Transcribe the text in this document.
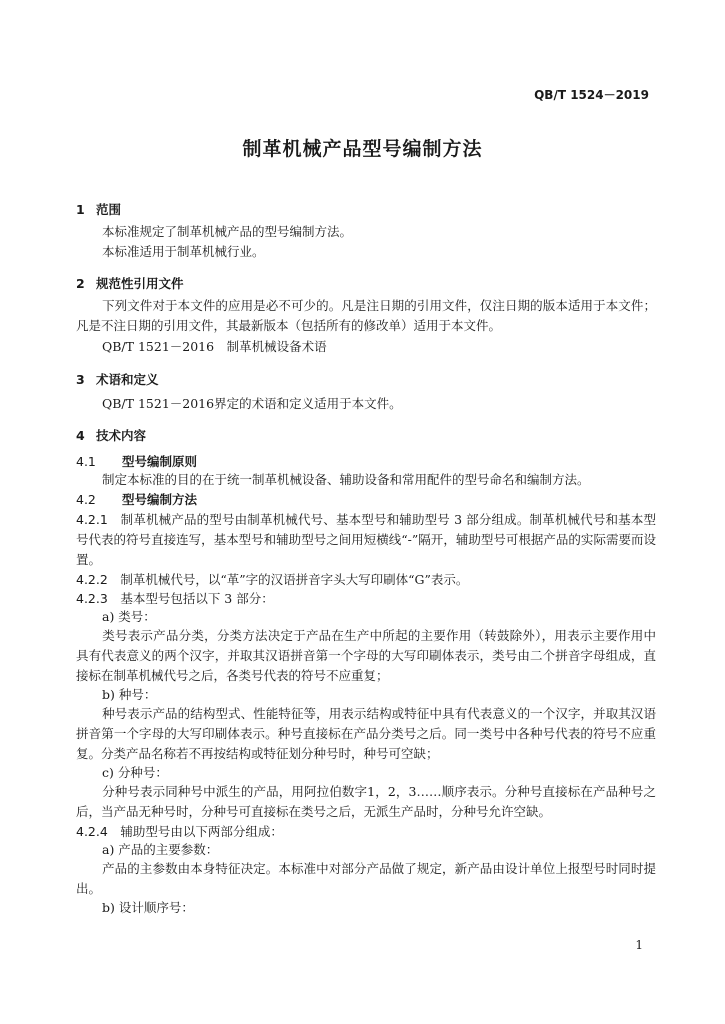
QB/T 1524－2019
制革机械产品型号编制方法
1 范围
本标准规定了制革机械产品的型号编制方法。
本标准适用于制革机械行业。
2 规范性引用文件
下列文件对于本文件的应用是必不可少的。凡是注日期的引用文件，仅注日期的版本适用于本文件；凡是不注日期的引用文件，其最新版本（包括所有的修改单）适用于本文件。
QB/T 1521－2016　制革机械设备术语
3 术语和定义
QB/T 1521－2016界定的术语和定义适用于本文件。
4 技术内容
4.1 型号编制原则
制定本标准的目的在于统一制革机械设备、辅助设备和常用配件的型号命名和编制方法。
4.2 型号编制方法
4.2.1　 制革机械产品的型号由制革机械代号、基本型号和辅助型号 3 部分组成。制革机械代号和基本型号代表的符号直接连写，基本型号和辅助型号之间用短横线“-”隔开，辅助型号可根据产品的实际需要而设置。
4.2.2　 制革机械代号，以“革”字的汉语拼音字头大写印刷体“G”表示。
4.2.3　 基本型号包括以下 3 部分：
a) 类号：
类号表示产品分类，分类方法决定于产品在生产中所起的主要作用（转鼓除外），用表示主要作用中具有代表意义的两个汉字，并取其汉语拼音第一个字母的大写印刷体表示，类号由二个拼音字母组成，直接标在制革机械代号之后，各类号代表的符号不应重复；
b) 种号：
种号表示产品的结构型式、性能特征等，用表示结构或特征中具有代表意义的一个汉字，并取其汉语拼音第一个字母的大写印刷体表示。种号直接标在产品分类号之后。同一类号中各种号代表的符号不应重复。分类产品名称若不再按结构或特征划分种号时，种号可空缺；
c) 分种号：
分种号表示同种号中派生的产品，用阿拉伯数字1，2，3……顺序表示。分种号直接标在产品种号之后，当产品无种号时，分种号可直接标在类号之后，无派生产品时，分种号允许空缺。
4.2.4　 辅助型号由以下两部分组成：
a) 产品的主要参数：
产品的主参数由本身特征决定。本标准中对部分产品做了规定，新产品由设计单位上报型号时同时提出。
b) 设计顺序号：
1
